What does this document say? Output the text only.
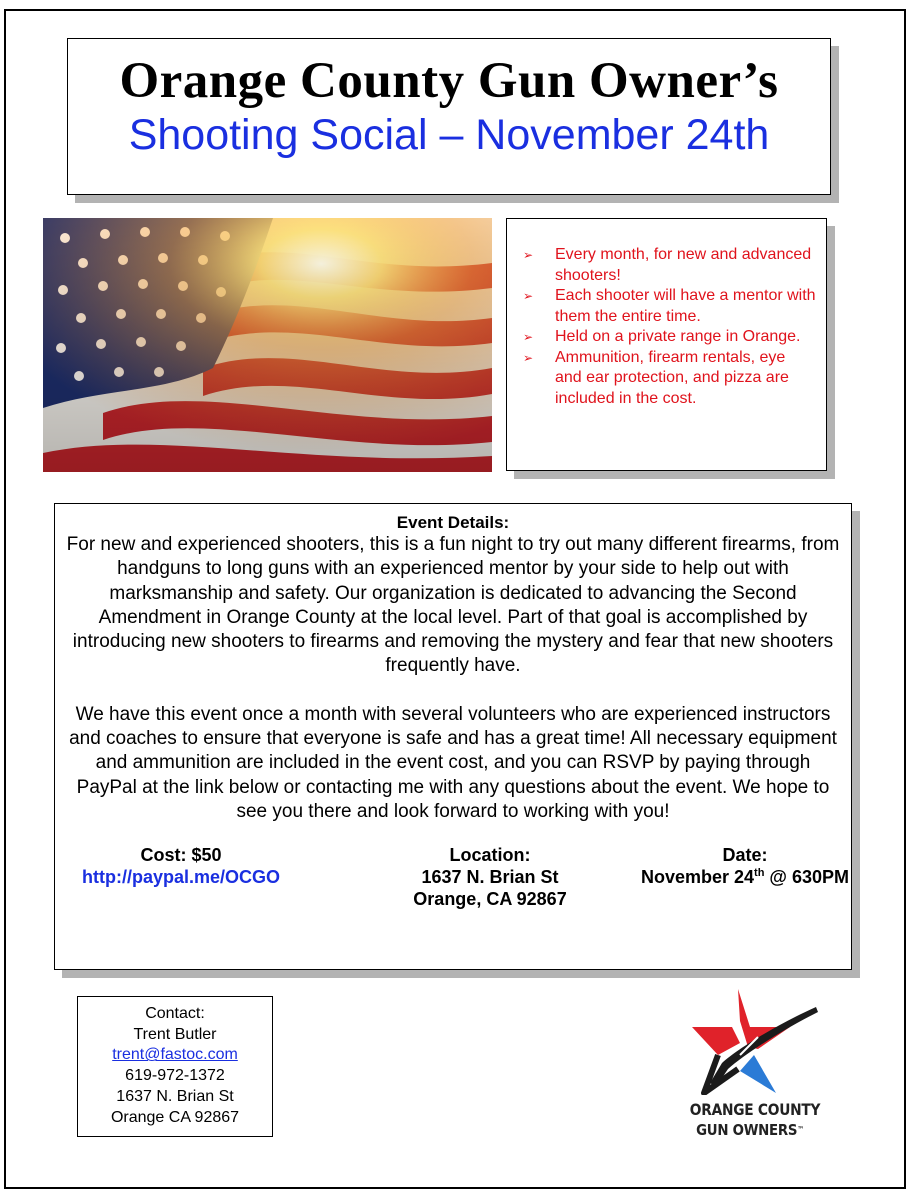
Orange County Gun Owner’s
Shooting Social – November 24th
➢ Every month, for new and advanced shooters!
➢ Each shooter will have a mentor with them the entire time.
➢ Held on a private range in Orange.
➢ Ammunition, firearm rentals, eye and ear protection, and pizza are included in the cost.
Event Details:

For new and experienced shooters, this is a fun night to try out many different firearms, from handguns to long guns with an experienced mentor by your side to help out with marksmanship and safety. Our organization is dedicated to advancing the Second Amendment in Orange County at the local level. Part of that goal is accomplished by introducing new shooters to firearms and removing the mystery and fear that new shooters frequently have.

We have this event once a month with several volunteers who are experienced instructors and coaches to ensure that everyone is safe and has a great time! All necessary equipment and ammunition are included in the event cost, and you can RSVP by paying through PayPal at the link below or contacting me with any questions about the event. We hope to see you there and look forward to working with you!

Cost: $50
http://paypal.me/OCGO
Location:
1637 N. Brian St
Orange, CA 92867
Date:
November 24th @ 630PM
Contact:
Trent Butler
trent@fastoc.com
619-972-1372
1637 N. Brian St
Orange CA 92867	ORANGE COUNTY
GUN OWNERS™
